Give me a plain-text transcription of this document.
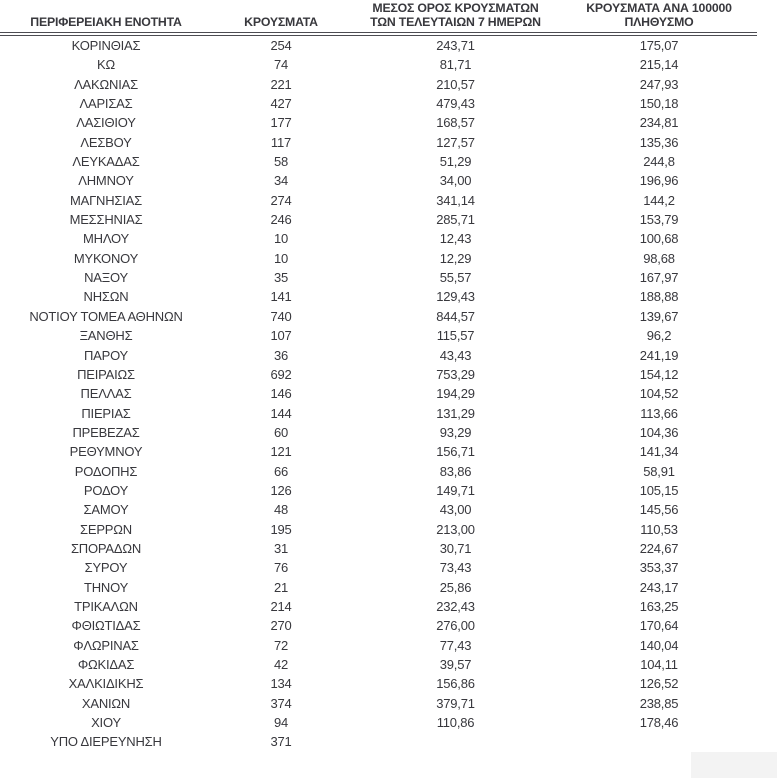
ΠΕΡΙΦΕΡΕΙΑΚΗ ΕΝΟΤΗΤΑ	ΚΡΟΥΣΜΑΤΑ	ΜΕΣΟΣ ΟΡΟΣ ΚΡΟΥΣΜΑΤΩΝ
ΤΩΝ ΤΕΛΕΥΤΑΙΩΝ 7 ΗΜΕΡΩΝ	ΚΡΟΥΣΜΑΤΑ ΑΝΑ 100000
ΠΛΗΘΥΣΜΟ

ΚΟΡΙΝΘΙΑΣ	254	243,71	175,07
ΚΩ	74	81,71	215,14
ΛΑΚΩΝΙΑΣ	221	210,57	247,93
ΛΑΡΙΣΑΣ	427	479,43	150,18
ΛΑΣΙΘΙΟΥ	177	168,57	234,81
ΛΕΣΒΟΥ	117	127,57	135,36
ΛΕΥΚΑΔΑΣ	58	51,29	244,8
ΛΗΜΝΟΥ	34	34,00	196,96
ΜΑΓΝΗΣΙΑΣ	274	341,14	144,2
ΜΕΣΣΗΝΙΑΣ	246	285,71	153,79
ΜΗΛΟΥ	10	12,43	100,68
ΜΥΚΟΝΟΥ	10	12,29	98,68
ΝΑΞΟΥ	35	55,57	167,97
ΝΗΣΩΝ	141	129,43	188,88
ΝΟΤΙΟΥ ΤΟΜΕΑ ΑΘΗΝΩΝ	740	844,57	139,67
ΞΑΝΘΗΣ	107	115,57	96,2
ΠΑΡΟΥ	36	43,43	241,19
ΠΕΙΡΑΙΩΣ	692	753,29	154,12
ΠΕΛΛΑΣ	146	194,29	104,52
ΠΙΕΡΙΑΣ	144	131,29	113,66
ΠΡΕΒΕΖΑΣ	60	93,29	104,36
ΡΕΘΥΜΝΟΥ	121	156,71	141,34
ΡΟΔΟΠΗΣ	66	83,86	58,91
ΡΟΔΟΥ	126	149,71	105,15
ΣΑΜΟΥ	48	43,00	145,56
ΣΕΡΡΩΝ	195	213,00	110,53
ΣΠΟΡΑΔΩΝ	31	30,71	224,67
ΣΥΡΟΥ	76	73,43	353,37
ΤΗΝΟΥ	21	25,86	243,17
ΤΡΙΚΑΛΩΝ	214	232,43	163,25
ΦΘΙΩΤΙΔΑΣ	270	276,00	170,64
ΦΛΩΡΙΝΑΣ	72	77,43	140,04
ΦΩΚΙΔΑΣ	42	39,57	104,11
ΧΑΛΚΙΔΙΚΗΣ	134	156,86	126,52
ΧΑΝΙΩΝ	374	379,71	238,85
ΧΙΟΥ	94	110,86	178,46
ΥΠΟ ΔΙΕΡΕΥΝΗΣΗ	371		
